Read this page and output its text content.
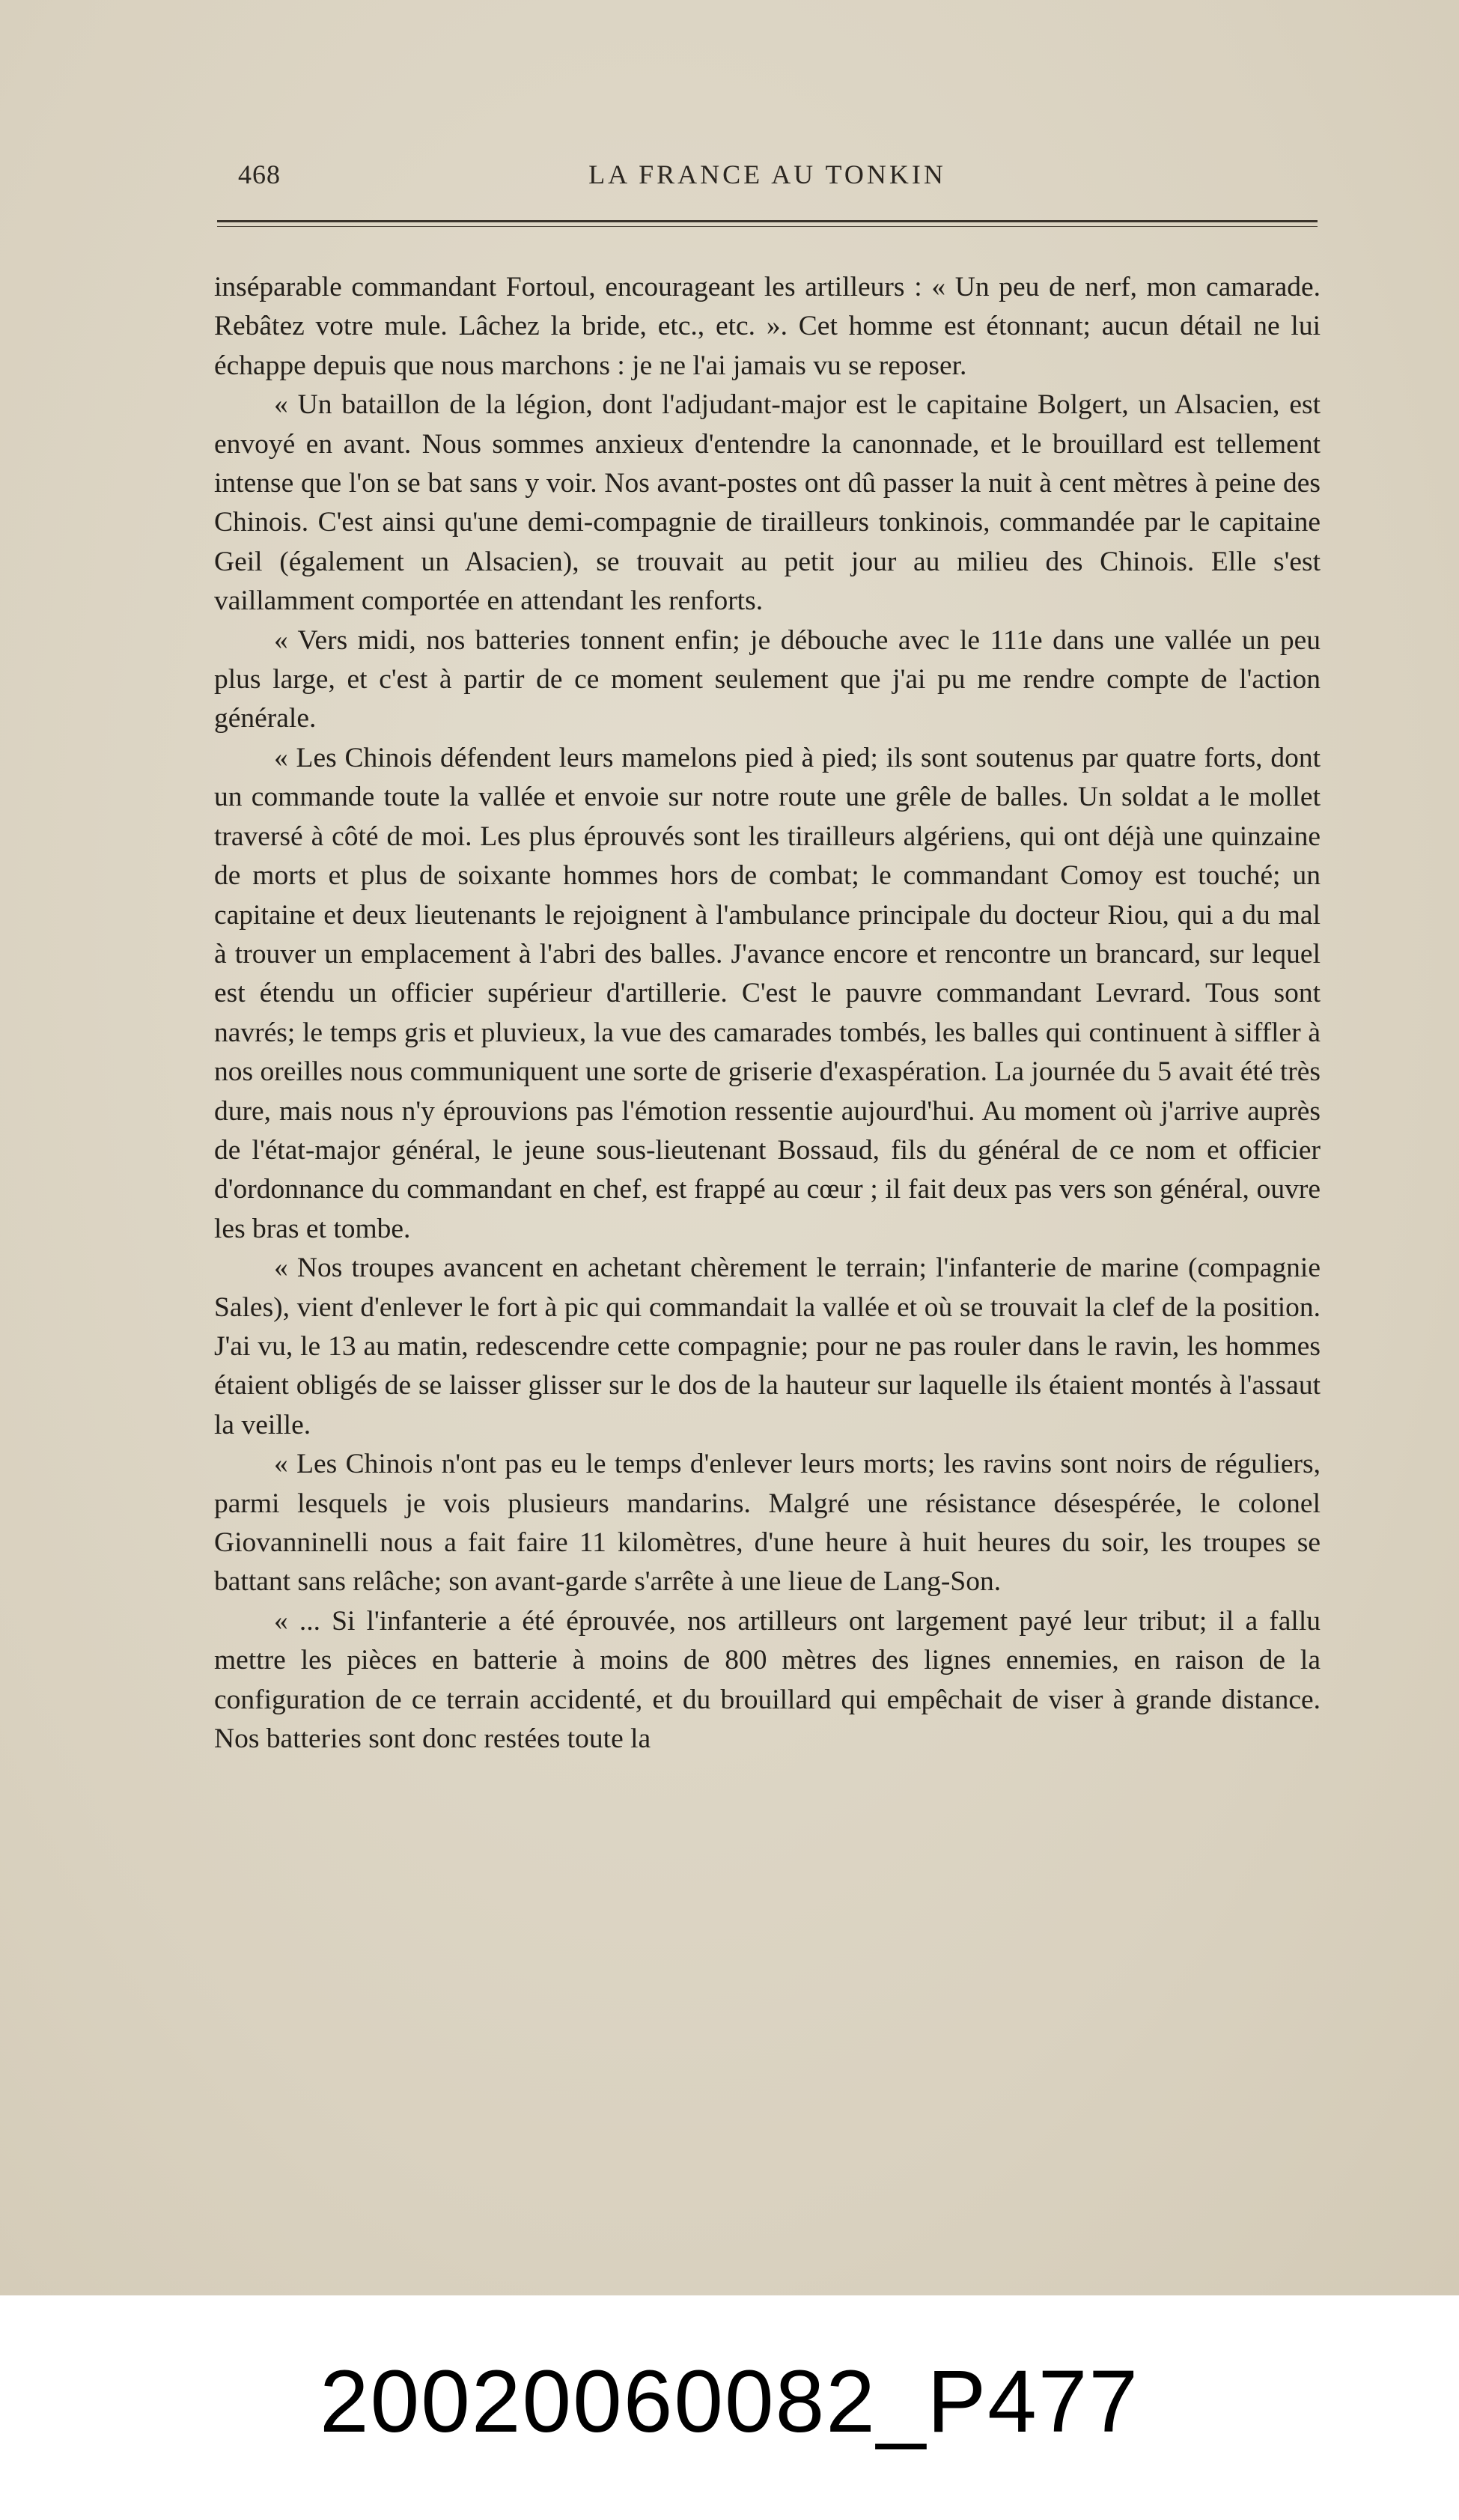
468	LA FRANCE AU TONKIN

inséparable commandant Fortoul, encourageant les artilleurs : « Un peu de nerf, mon camarade. Rebâtez votre mule. Lâchez la bride, etc., etc. ». Cet homme est étonnant; aucun détail ne lui échappe depuis que nous marchons : je ne l'ai jamais vu se reposer.

« Un bataillon de la légion, dont l'adjudant-major est le capitaine Bolgert, un Alsacien, est envoyé en avant. Nous sommes anxieux d'entendre la canonnade, et le brouillard est tellement intense que l'on se bat sans y voir. Nos avant-postes ont dû passer la nuit à cent mètres à peine des Chinois. C'est ainsi qu'une demi-compagnie de tirailleurs tonkinois, commandée par le capitaine Geil (également un Alsacien), se trouvait au petit jour au milieu des Chinois. Elle s'est vaillamment comportée en attendant les renforts.

« Vers midi, nos batteries tonnent enfin; je débouche avec le 111e dans une vallée un peu plus large, et c'est à partir de ce moment seulement que j'ai pu me rendre compte de l'action générale.

« Les Chinois défendent leurs mamelons pied à pied; ils sont soutenus par quatre forts, dont un commande toute la vallée et envoie sur notre route une grêle de balles. Un soldat a le mollet traversé à côté de moi. Les plus éprouvés sont les tirailleurs algériens, qui ont déjà une quinzaine de morts et plus de soixante hommes hors de combat; le commandant Comoy est touché; un capitaine et deux lieutenants le rejoignent à l'ambulance principale du docteur Riou, qui a du mal à trouver un emplacement à l'abri des balles. J'avance encore et rencontre un brancard, sur lequel est étendu un officier supérieur d'artillerie. C'est le pauvre commandant Levrard. Tous sont navrés; le temps gris et pluvieux, la vue des camarades tombés, les balles qui continuent à siffler à nos oreilles nous communiquent une sorte de griserie d'exaspération. La journée du 5 avait été très dure, mais nous n'y éprouvions pas l'émotion ressentie aujourd'hui. Au moment où j'arrive auprès de l'état-major général, le jeune sous-lieutenant Bossaud, fils du général de ce nom et officier d'ordonnance du commandant en chef, est frappé au cœur ; il fait deux pas vers son général, ouvre les bras et tombe.

« Nos troupes avancent en achetant chèrement le terrain; l'infanterie de marine (compagnie Sales), vient d'enlever le fort à pic qui commandait la vallée et où se trouvait la clef de la position. J'ai vu, le 13 au matin, redescendre cette compagnie; pour ne pas rouler dans le ravin, les hommes étaient obligés de se laisser glisser sur le dos de la hauteur sur laquelle ils étaient montés à l'assaut la veille.

« Les Chinois n'ont pas eu le temps d'enlever leurs morts; les ravins sont noirs de réguliers, parmi lesquels je vois plusieurs mandarins. Malgré une résistance désespérée, le colonel Giovanninelli nous a fait faire 11 kilomètres, d'une heure à huit heures du soir, les troupes se battant sans relâche; son avant-garde s'arrête à une lieue de Lang-Son.

« ... Si l'infanterie a été éprouvée, nos artilleurs ont largement payé leur tribut; il a fallu mettre les pièces en batterie à moins de 800 mètres des lignes ennemies, en raison de la configuration de ce terrain accidenté, et du brouillard qui empêchait de viser à grande distance. Nos batteries sont donc restées toute la

20020060082_P477
